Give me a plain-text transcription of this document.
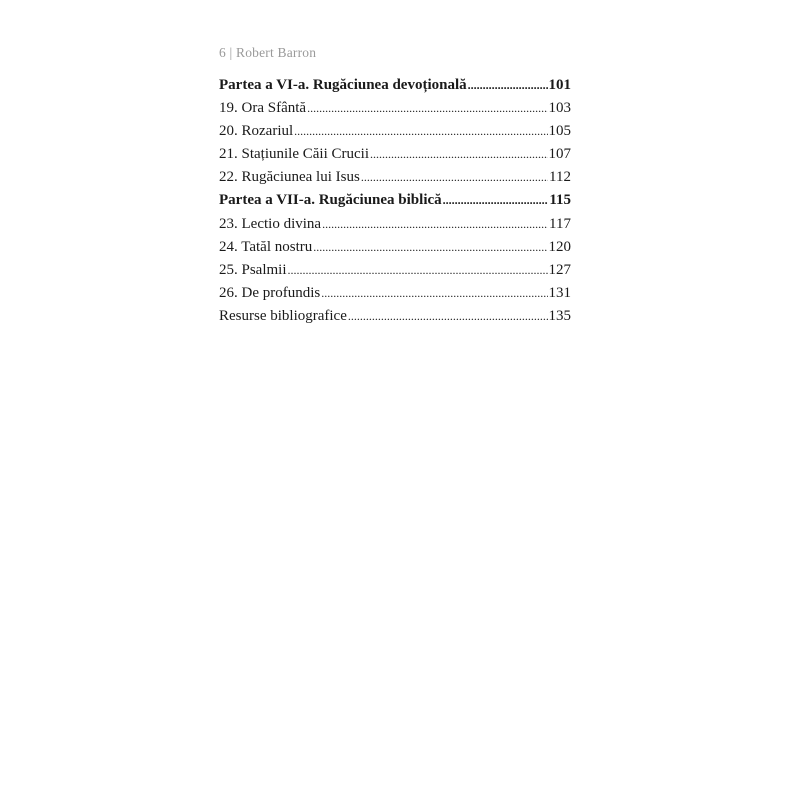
6 | Robert Barron
Partea a VI-a. Rugăciunea devoțională .....	101
19. Ora Sfântă .....	103
20. Rozariul .....	105
21. Stațiunile Căii Crucii .....	107
22. Rugăciunea lui Isus .....	112
Partea a VII-a. Rugăciunea biblică .....	115
23. Lectio divina .....	117
24. Tatăl nostru .....	120
25. Psalmii .....	127
26. De profundis .....	131
Resurse bibliografice .....	135
